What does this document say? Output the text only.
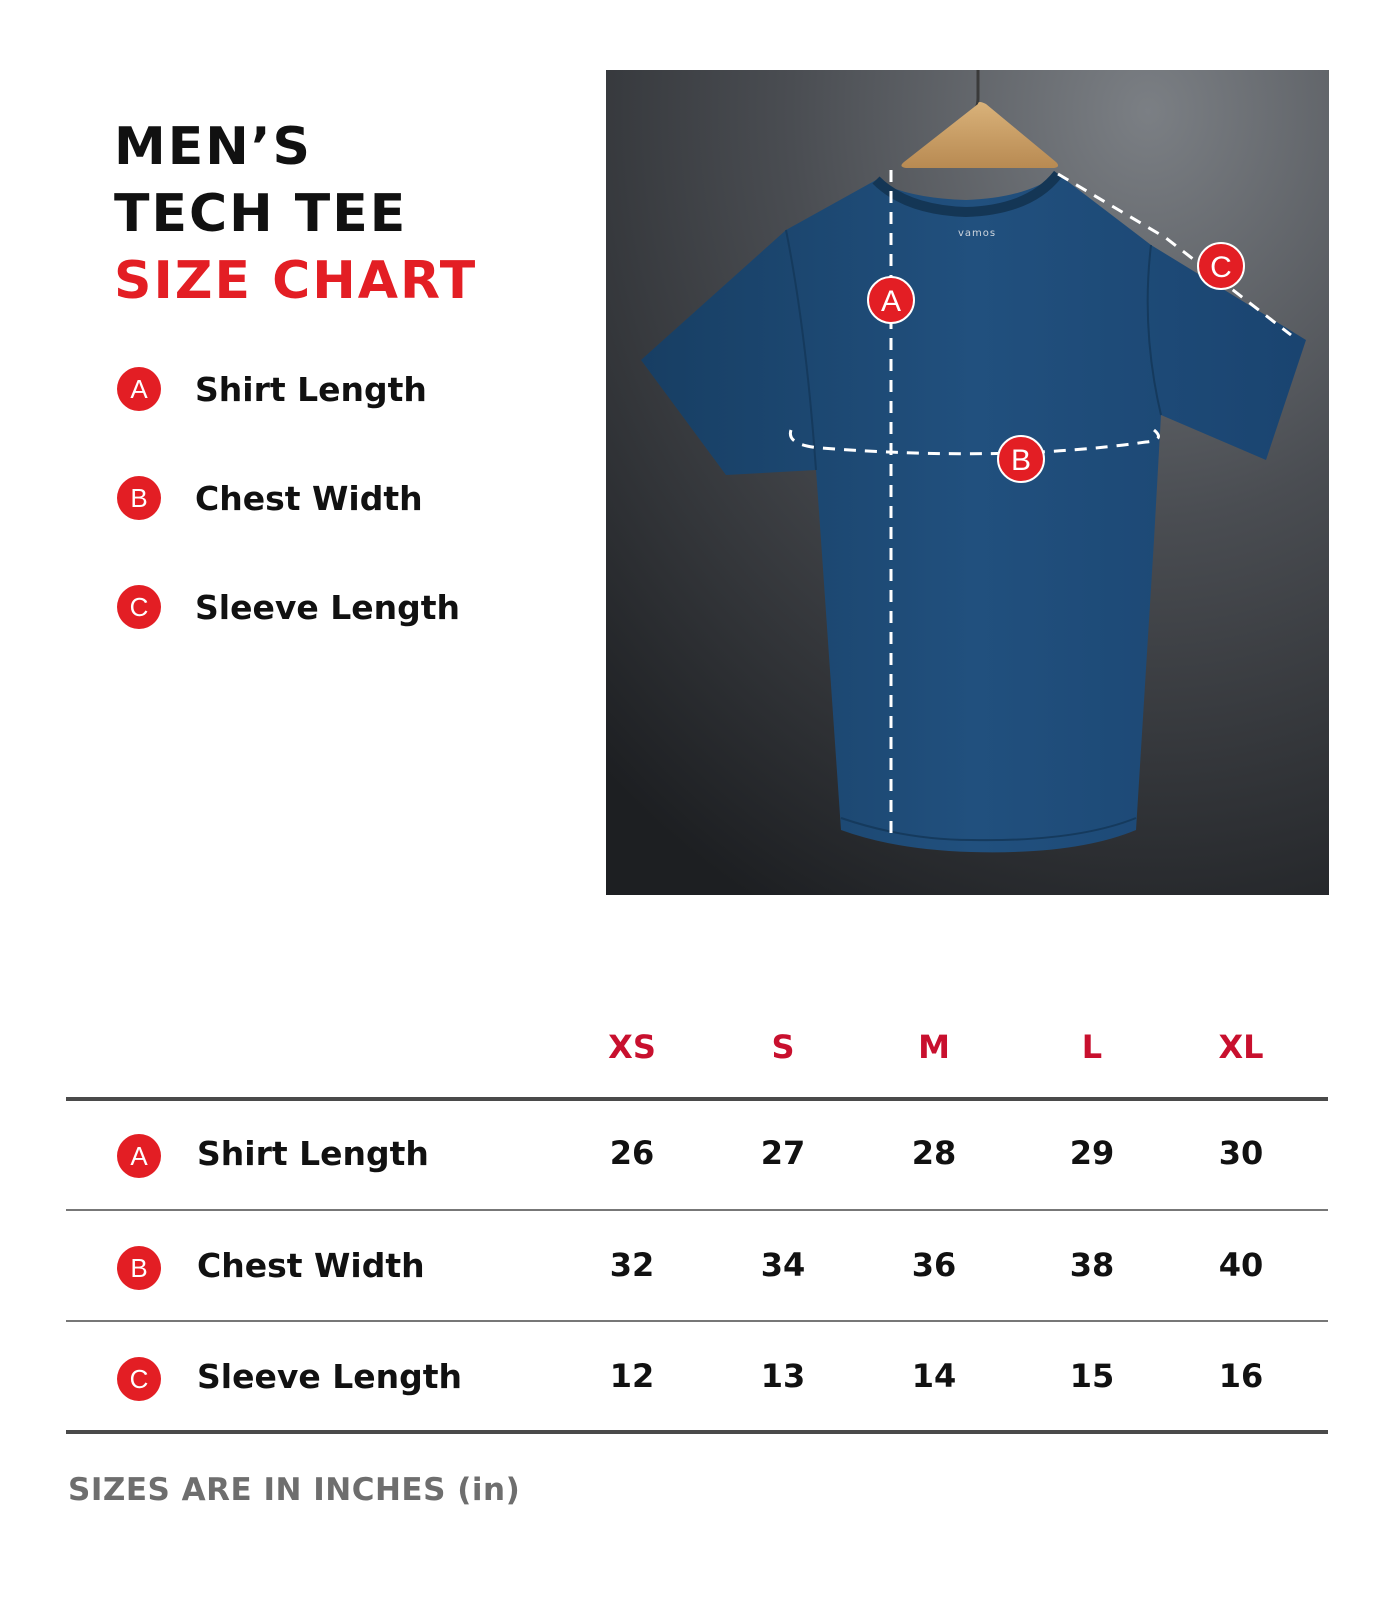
MEN’S
TECH TEE
SIZE CHART
A	Shirt Length
B	Chest Width
C	Sleeve Length
vamos
A
B
C
XS	S	M	L	XL
A	Shirt Length	26	27	28	29	30
B	Chest Width	32	34	36	38	40
C	Sleeve Length	12	13	14	15	16
SIZES ARE IN INCHES (in)
